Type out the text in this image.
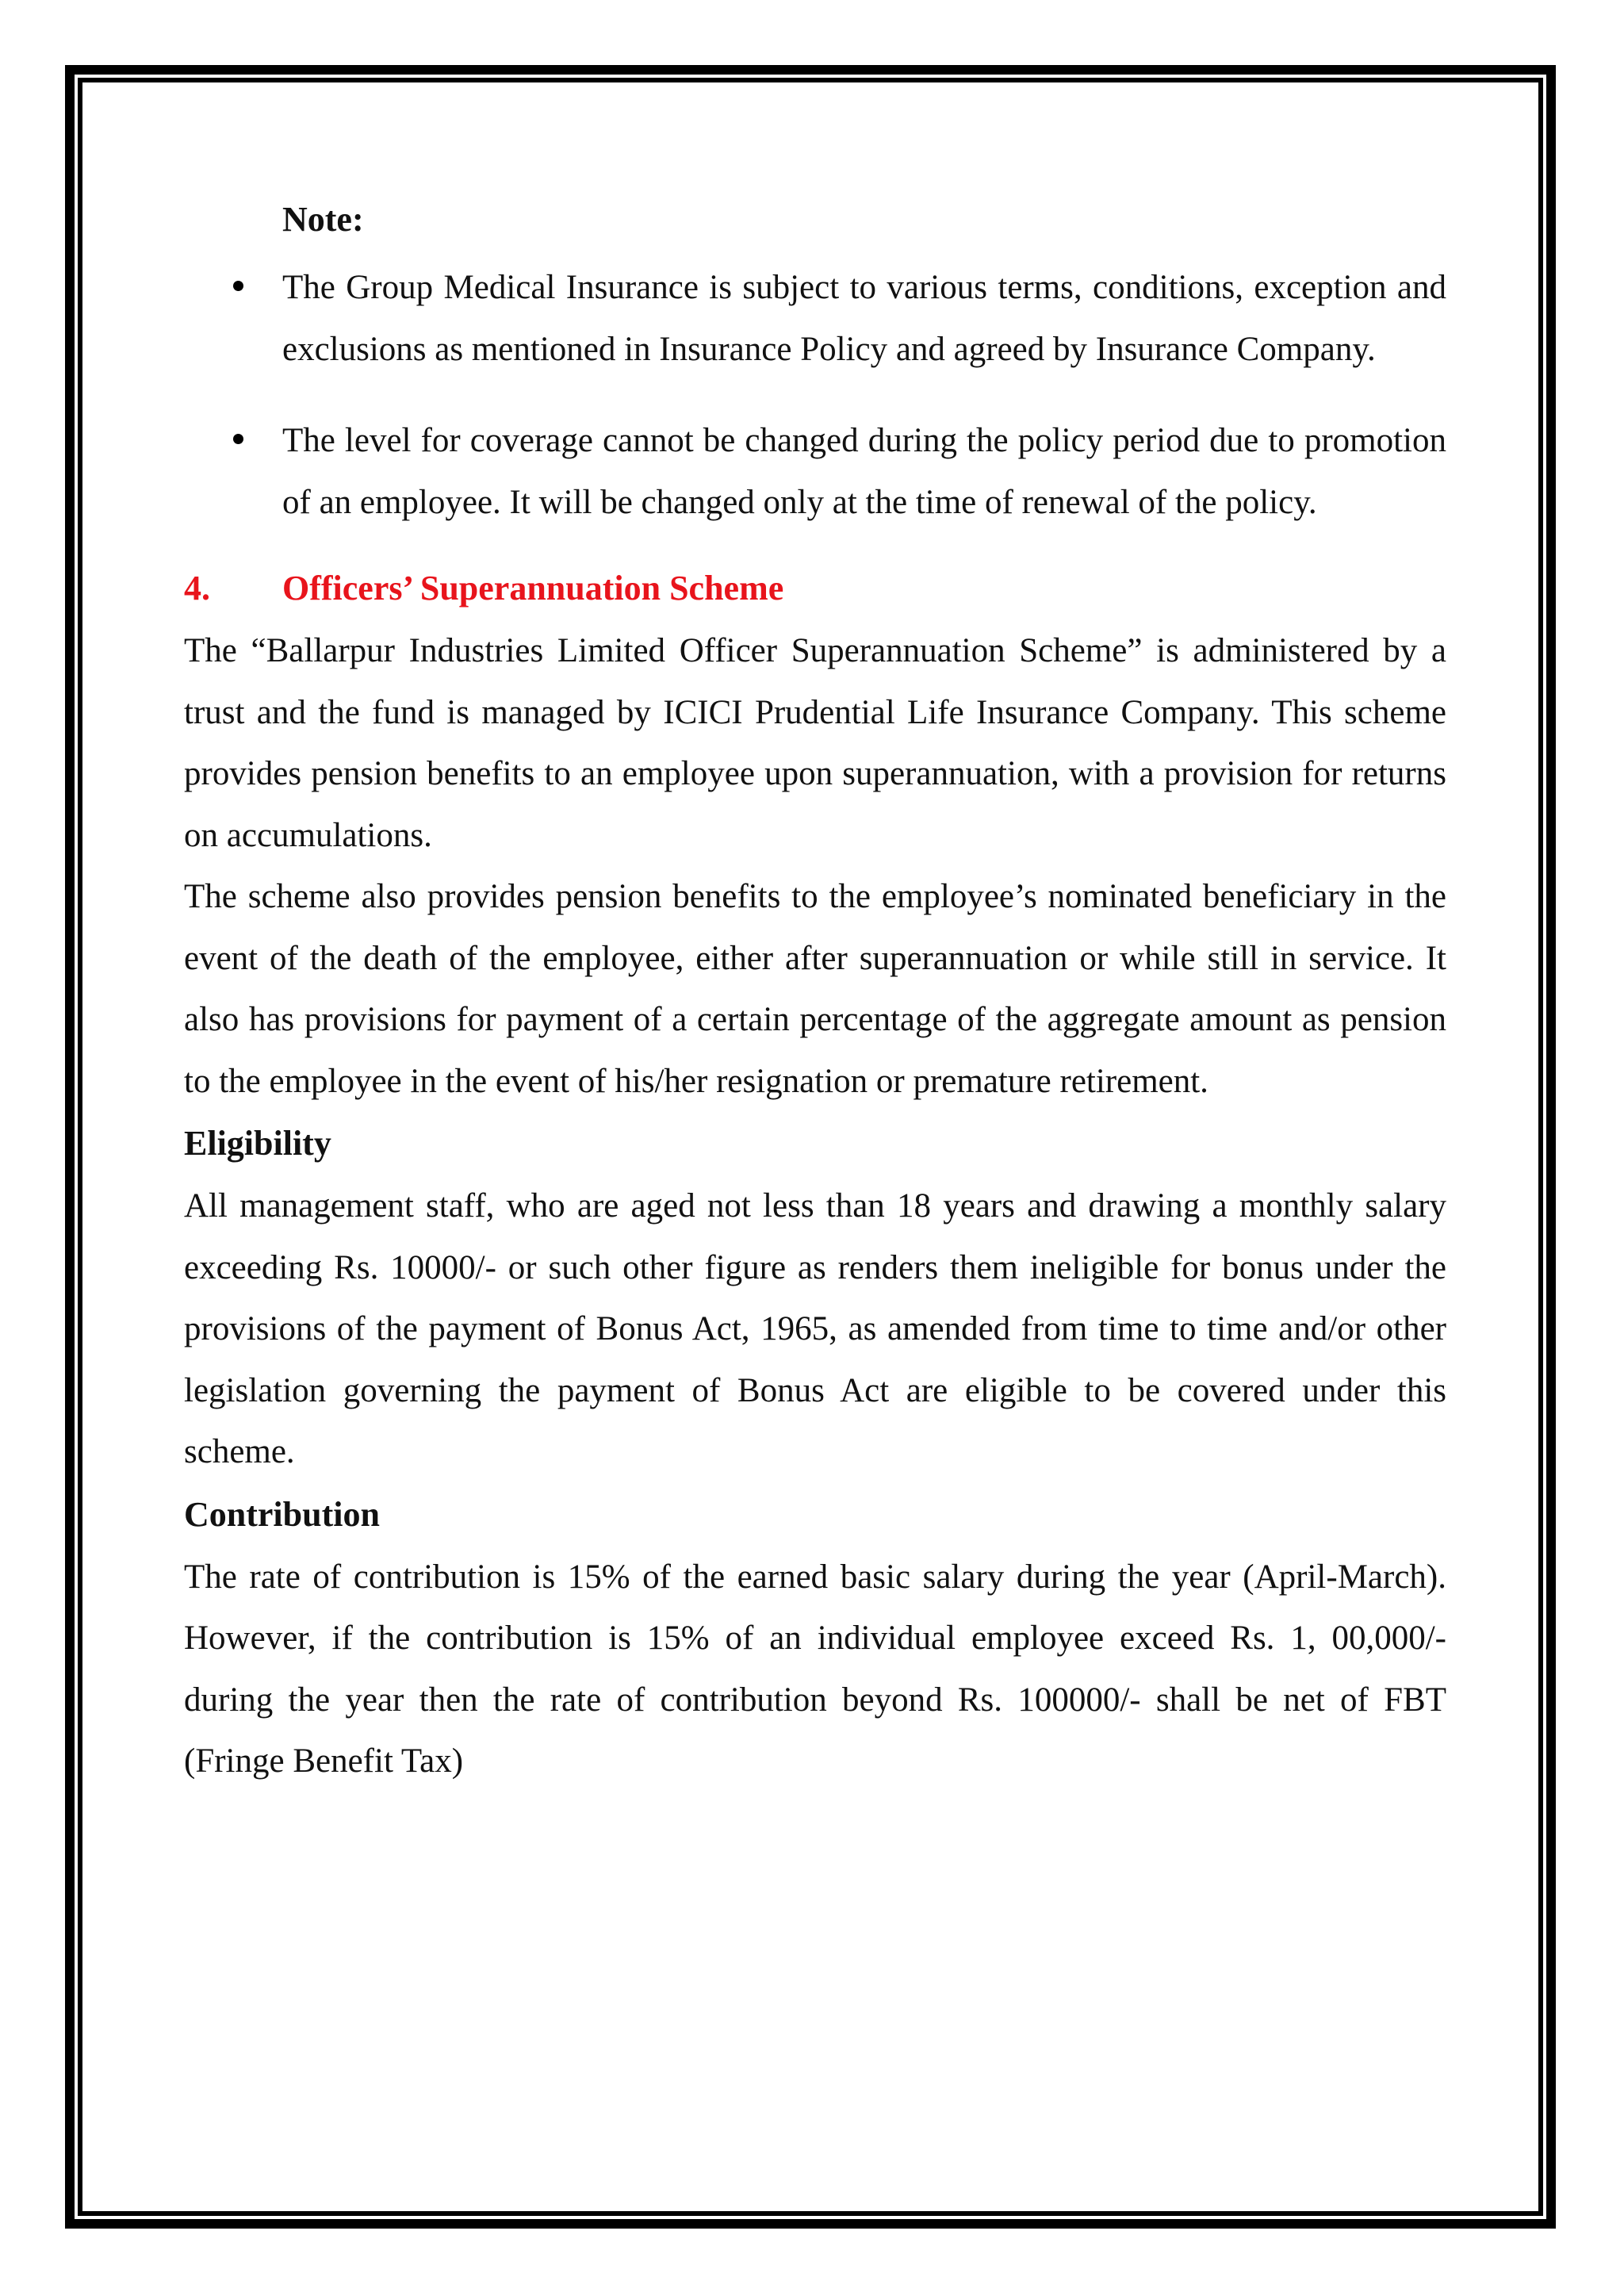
Note:
The Group Medical Insurance is subject to various terms, conditions, exception and exclusions as mentioned in Insurance Policy and agreed by Insurance Company.
The level for coverage cannot be changed during the policy period due to promotion of an employee. It will be changed only at the time of renewal of the policy.
4.	Officers’ Superannuation Scheme

The “Ballarpur Industries Limited Officer Superannuation Scheme” is administered by a trust and the fund is managed by ICICI Prudential Life Insurance Company. This scheme provides pension benefits to an employee upon superannuation, with a provision for returns on accumulations.

The scheme also provides pension benefits to the employee’s nominated beneficiary in the event of the death of the employee, either after superannuation or while still in service. It also has provisions for payment of a certain percentage of the aggregate amount as pension to the employee in the event of his/her resignation or premature retirement.

Eligibility

All management staff, who are aged not less than 18 years and drawing a monthly salary exceeding Rs. 10000/- or such other figure as renders them ineligible for bonus under the provisions of the payment of Bonus Act, 1965, as amended from time to time and/or other legislation governing the payment of Bonus Act are eligible to be covered under this scheme.

Contribution

The rate of contribution is 15% of the earned basic salary during the year (April-March). However, if the contribution is 15% of an individual employee exceed Rs. 1, 00,000/- during the year then the rate of contribution beyond Rs. 100000/- shall be net of FBT (Fringe Benefit Tax)
